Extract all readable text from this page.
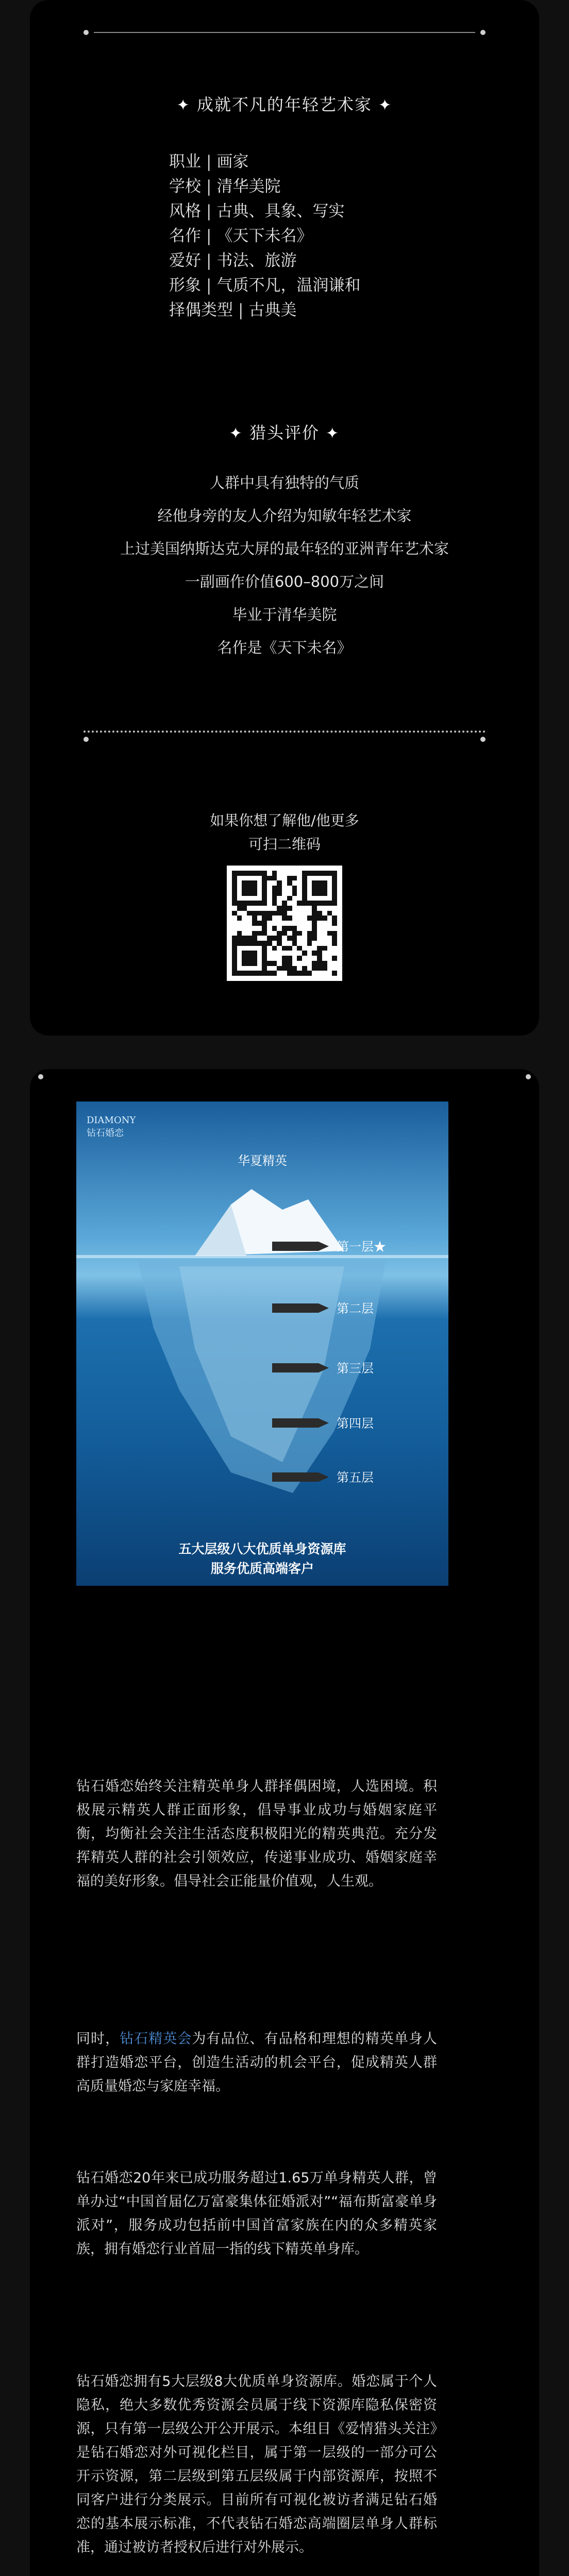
✦ 成就不凡的年轻艺术家 ✦
职业 | 画家
学校 | 清华美院
风格 | 古典、具象、写实
名作 | 《天下未名》
爱好 | 书法、旅游
形象 | 气质不凡，温润谦和
择偶类型 | 古典美
✦ 猎头评价 ✦
人群中具有独特的气质
经他身旁的友人介绍为知敏年轻艺术家
上过美国纳斯达克大屏的最年轻的亚洲青年艺术家
一副画作价值600–800万之间
毕业于清华美院
名作是《天下未名》
如果你想了解他/他更多
可扫二维码
DIAMONY
钻石婚恋
华夏精英
第一层★
第二层
第三层
第四层
第五层
五大层级八大优质单身资源库
服务优质高端客户
钻石婚恋始终关注精英单身人群择偶困境，人选困境。积极展示精英人群正面形象，倡导事业成功与婚姻家庭平衡，均衡社会关注生活态度积极阳光的精英典范。充分发挥精英人群的社会引领效应，传递事业成功、婚姻家庭幸福的美好形象。倡导社会正能量价值观，人生观。
同时，钻石精英会为有品位、有品格和理想的精英单身人群打造婚恋平台，创造生活动的机会平台，促成精英人群高质量婚恋与家庭幸福。
钻石婚恋20年来已成功服务超过1.65万单身精英人群，曾单办过“中国首届亿万富豪集体征婚派对”“福布斯富豪单身派对”，服务成功包括前中国首富家族在内的众多精英家族，拥有婚恋行业首屈一指的线下精英单身库。
钻石婚恋拥有5大层级8大优质单身资源库。婚恋属于个人隐私，绝大多数优秀资源会员属于线下资源库隐私保密资源，只有第一层级公开公开展示。本组目《爱情猎头关注》是钻石婚恋对外可视化栏目，属于第一层级的一部分可公开示资源，第二层级到第五层级属于内部资源库，按照不同客户进行分类展示。目前所有可视化被访者满足钻石婚恋的基本展示标准，不代表钻石婚恋高端圈层单身人群标准，通过被访者授权后进行对外展示。
